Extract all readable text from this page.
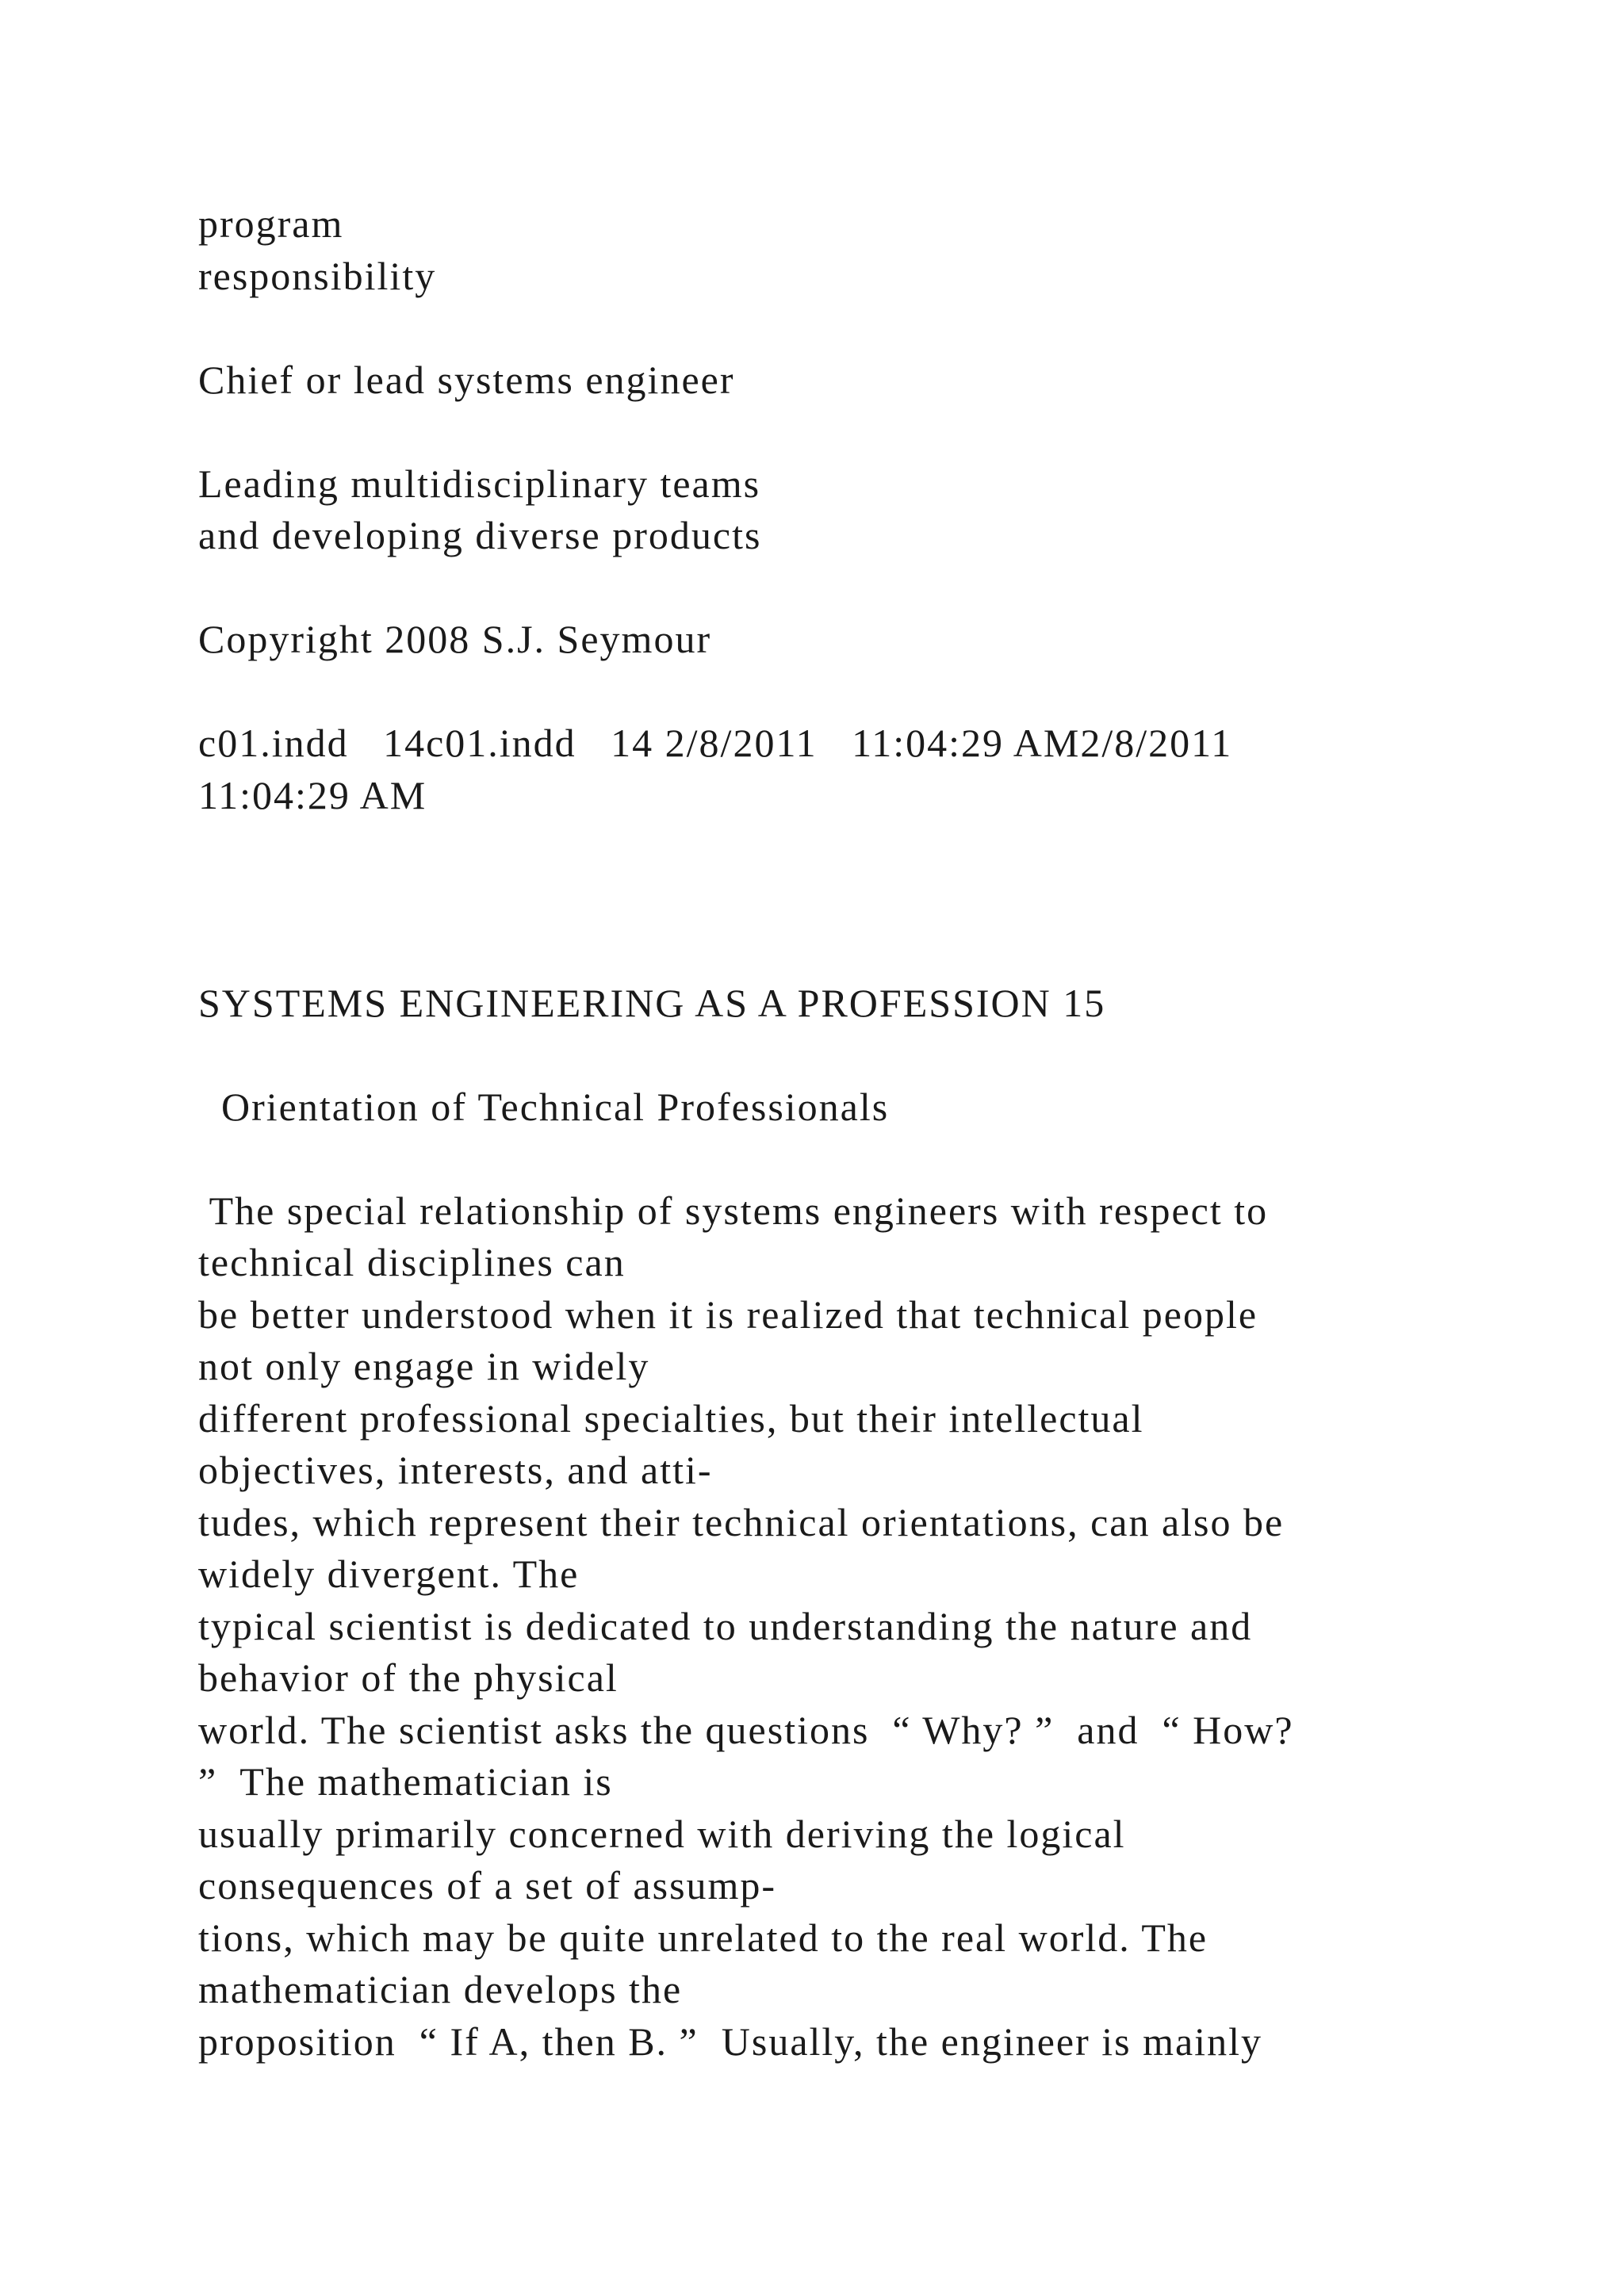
program
responsibility
Chief or lead systems engineer
Leading multidisciplinary teams
and developing diverse products
Copyright 2008 S.J. Seymour
c01.indd   14c01.indd   14 2/8/2011   11:04:29 AM2/8/2011
11:04:29 AM
SYSTEMS ENGINEERING AS A PROFESSION 15
Orientation of Technical Professionals
The special relationship of systems engineers with respect to
technical disciplines can
be better understood when it is realized that technical people
not only engage in widely
different professional specialties, but their intellectual
objectives, interests, and atti-
tudes, which represent their technical orientations, can also be
widely divergent. The
typical scientist is dedicated to understanding the nature and
behavior of the physical
world. The scientist asks the questions  “ Why? ”  and  “ How?
”  The mathematician is
usually primarily concerned with deriving the logical
consequences of a set of assump-
tions, which may be quite unrelated to the real world. The
mathematician develops the
proposition  “ If A, then B. ”  Usually, the engineer is mainly
